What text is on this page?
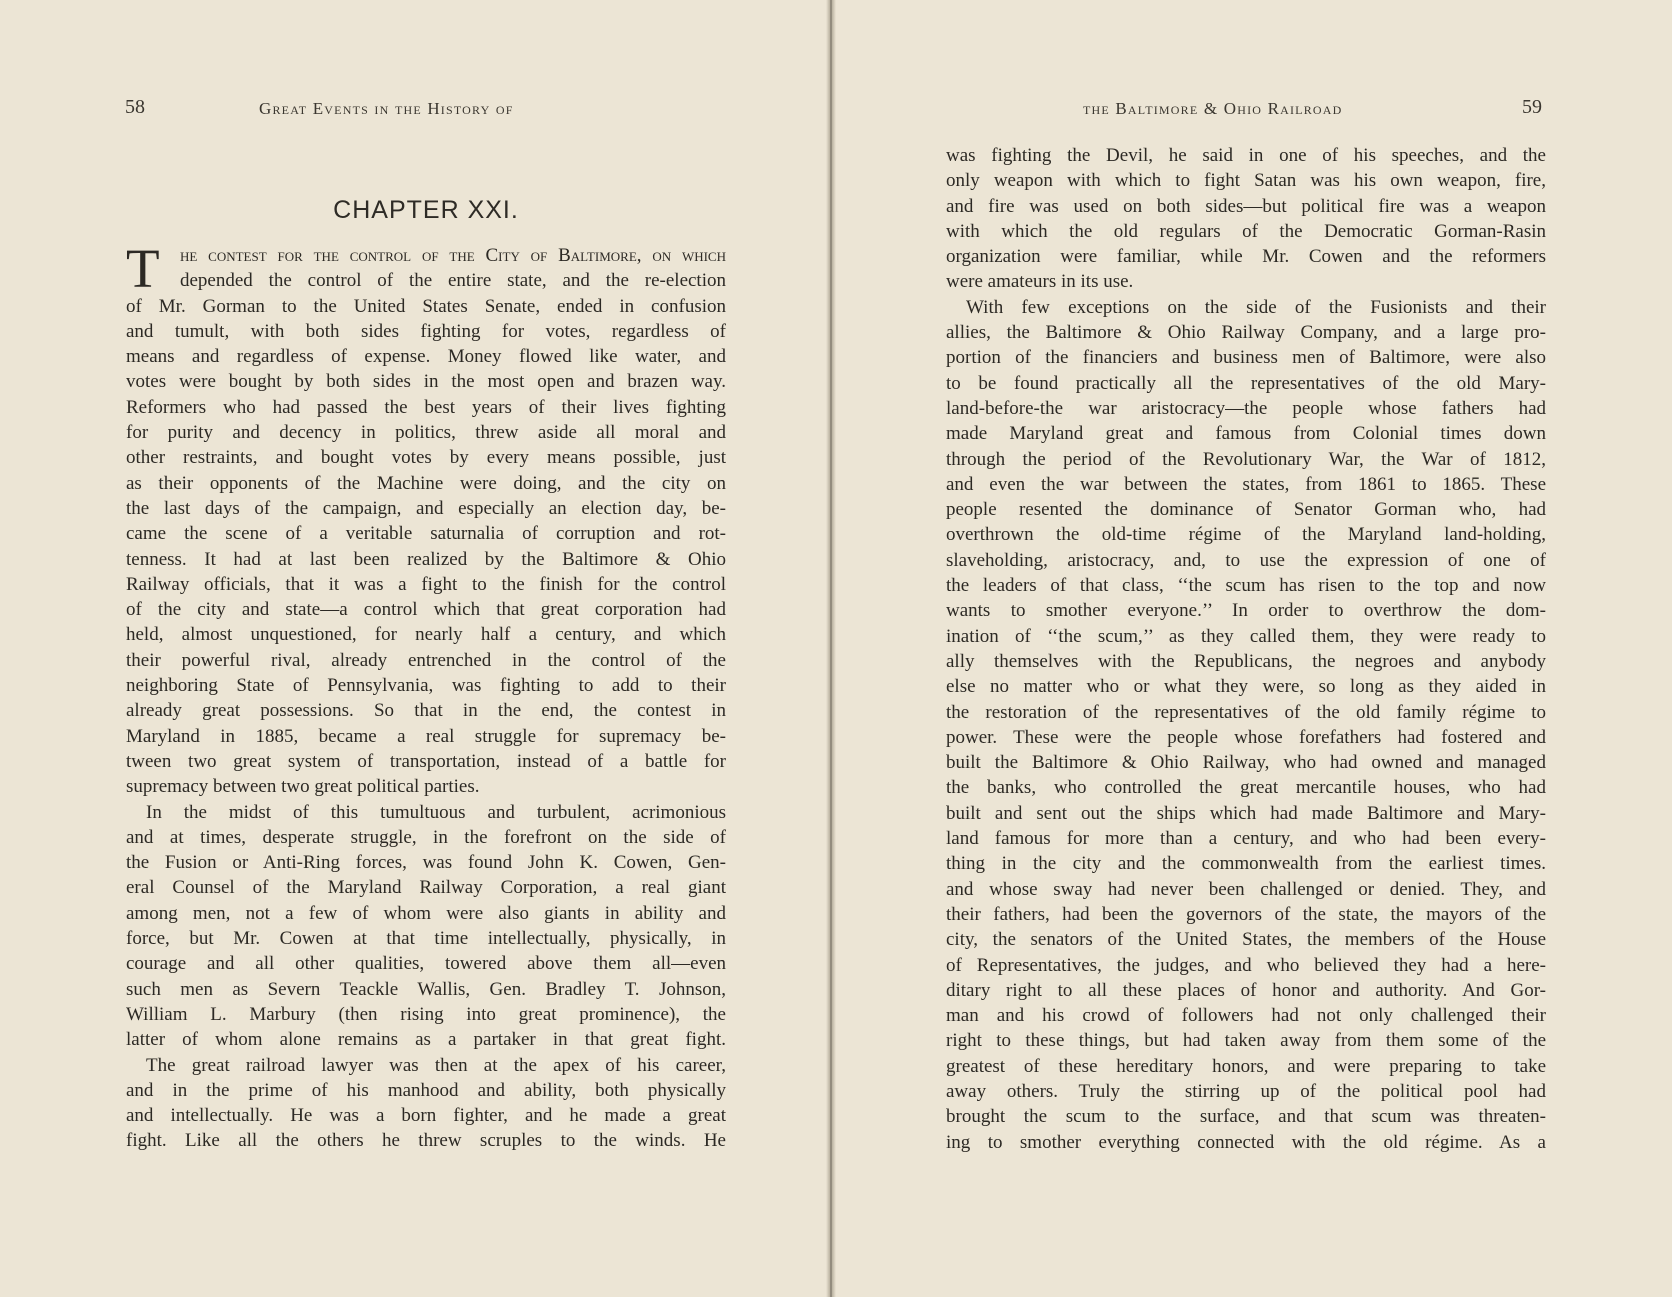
58	Great Events in the History of
CHAPTER XXI.
T	he contest for the control of the City of Baltimore, on which
depended the control of the entire state, and the re-election
of Mr. Gorman to the United States Senate, ended in confusion
and tumult, with both sides fighting for votes, regardless of
means and regardless of expense. Money flowed like water, and
votes were bought by both sides in the most open and brazen way.
Reformers who had passed the best years of their lives fighting
for purity and decency in politics, threw aside all moral and
other restraints, and bought votes by every means possible, just
as their opponents of the Machine were doing, and the city on
the last days of the campaign, and especially an election day, be-
came the scene of a veritable saturnalia of corruption and rot-
tenness. It had at last been realized by the Baltimore & Ohio
Railway officials, that it was a fight to the finish for the control
of the city and state—a control which that great corporation had
held, almost unquestioned, for nearly half a century, and which
their powerful rival, already entrenched in the control of the
neighboring State of Pennsylvania, was fighting to add to their
already great possessions. So that in the end, the contest in
Maryland in 1885, became a real struggle for supremacy be-
tween two great system of transportation, instead of a battle for
supremacy between two great political parties.
In the midst of this tumultuous and turbulent, acrimonious
and at times, desperate struggle, in the forefront on the side of
the Fusion or Anti-Ring forces, was found John K. Cowen, Gen-
eral Counsel of the Maryland Railway Corporation, a real giant
among men, not a few of whom were also giants in ability and
force, but Mr. Cowen at that time intellectually, physically, in
courage and all other qualities, towered above them all—even
such men as Severn Teackle Wallis, Gen. Bradley T. Johnson,
William L. Marbury (then rising into great prominence), the
latter of whom alone remains as a partaker in that great fight.
The great railroad lawyer was then at the apex of his career,
and in the prime of his manhood and ability, both physically
and intellectually. He was a born fighter, and he made a great
fight. Like all the others he threw scruples to the winds. He
the Baltimore & Ohio Railroad	59
was fighting the Devil, he said in one of his speeches, and the
only weapon with which to fight Satan was his own weapon, fire,
and fire was used on both sides—but political fire was a weapon
with which the old regulars of the Democratic Gorman-Rasin
organization were familiar, while Mr. Cowen and the reformers
were amateurs in its use.
With few exceptions on the side of the Fusionists and their
allies, the Baltimore & Ohio Railway Company, and a large pro-
portion of the financiers and business men of Baltimore, were also
to be found practically all the representatives of the old Mary-
land-before-the war aristocracy—the people whose fathers had
made Maryland great and famous from Colonial times down
through the period of the Revolutionary War, the War of 1812,
and even the war between the states, from 1861 to 1865. These
people resented the dominance of Senator Gorman who, had
overthrown the old-time régime of the Maryland land-holding,
slaveholding, aristocracy, and, to use the expression of one of
the leaders of that class, ‘‘the scum has risen to the top and now
wants to smother everyone.’’ In order to overthrow the dom-
ination of ‘‘the scum,’’ as they called them, they were ready to
ally themselves with the Republicans, the negroes and anybody
else no matter who or what they were, so long as they aided in
the restoration of the representatives of the old family régime to
power. These were the people whose forefathers had fostered and
built the Baltimore & Ohio Railway, who had owned and managed
the banks, who controlled the great mercantile houses, who had
built and sent out the ships which had made Baltimore and Mary-
land famous for more than a century, and who had been every-
thing in the city and the commonwealth from the earliest times.
and whose sway had never been challenged or denied. They, and
their fathers, had been the governors of the state, the mayors of the
city, the senators of the United States, the members of the House
of Representatives, the judges, and who believed they had a here-
ditary right to all these places of honor and authority. And Gor-
man and his crowd of followers had not only challenged their
right to these things, but had taken away from them some of the
greatest of these hereditary honors, and were preparing to take
away others. Truly the stirring up of the political pool had
brought the scum to the surface, and that scum was threaten-
ing to smother everything connected with the old régime. As a
